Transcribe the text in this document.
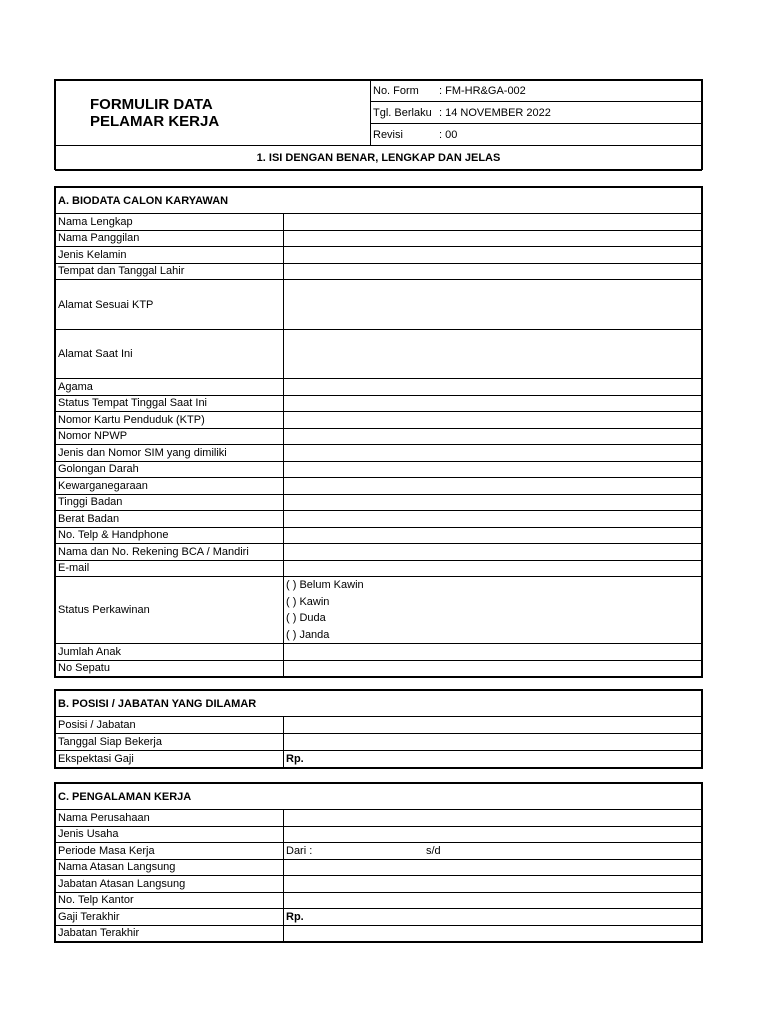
FORMULIR DATA
PELAMAR KERJA	No. Form : FM-HR&GA-002
Tgl. Berlaku : 14 NOVEMBER 2022
Revisi	: 00
1. ISI DENGAN BENAR, LENGKAP DAN JELAS
A. BIODATA CALON KARYAWAN	
Nama Lengkap	
Nama Panggilan	
Jenis Kelamin	
Tempat dan Tanggal Lahir	
Alamat Sesuai KTP	
Alamat Saat Ini	
Agama	
Status Tempat Tinggal Saat Ini	
Nomor Kartu Penduduk (KTP)	
Nomor NPWP	
Jenis dan Nomor SIM yang dimiliki	
Golongan Darah	
Kewarganegaraan	
Tinggi Badan	
Berat Badan	
No. Telp & Handphone	
Nama dan No. Rekening BCA / Mandiri	
E-mail	
Status Perkawinan	( ) Belum Kawin
( ) Kawin
( ) Duda
( ) Janda

Jumlah Anak	
No Sepatu	
B. POSISI / JABATAN YANG DILAMAR	
Posisi / Jabatan	
Tanggal Siap Bekerja	
Ekspektasi Gaji	Rp.
C. PENGALAMAN KERJA	
Nama Perusahaan	
Jenis Usaha	
Periode Masa Kerja	Dari : s/d
Nama Atasan Langsung	
Jabatan Atasan Langsung	
No. Telp Kantor	
Gaji Terakhir	Rp.
Jabatan Terakhir	
